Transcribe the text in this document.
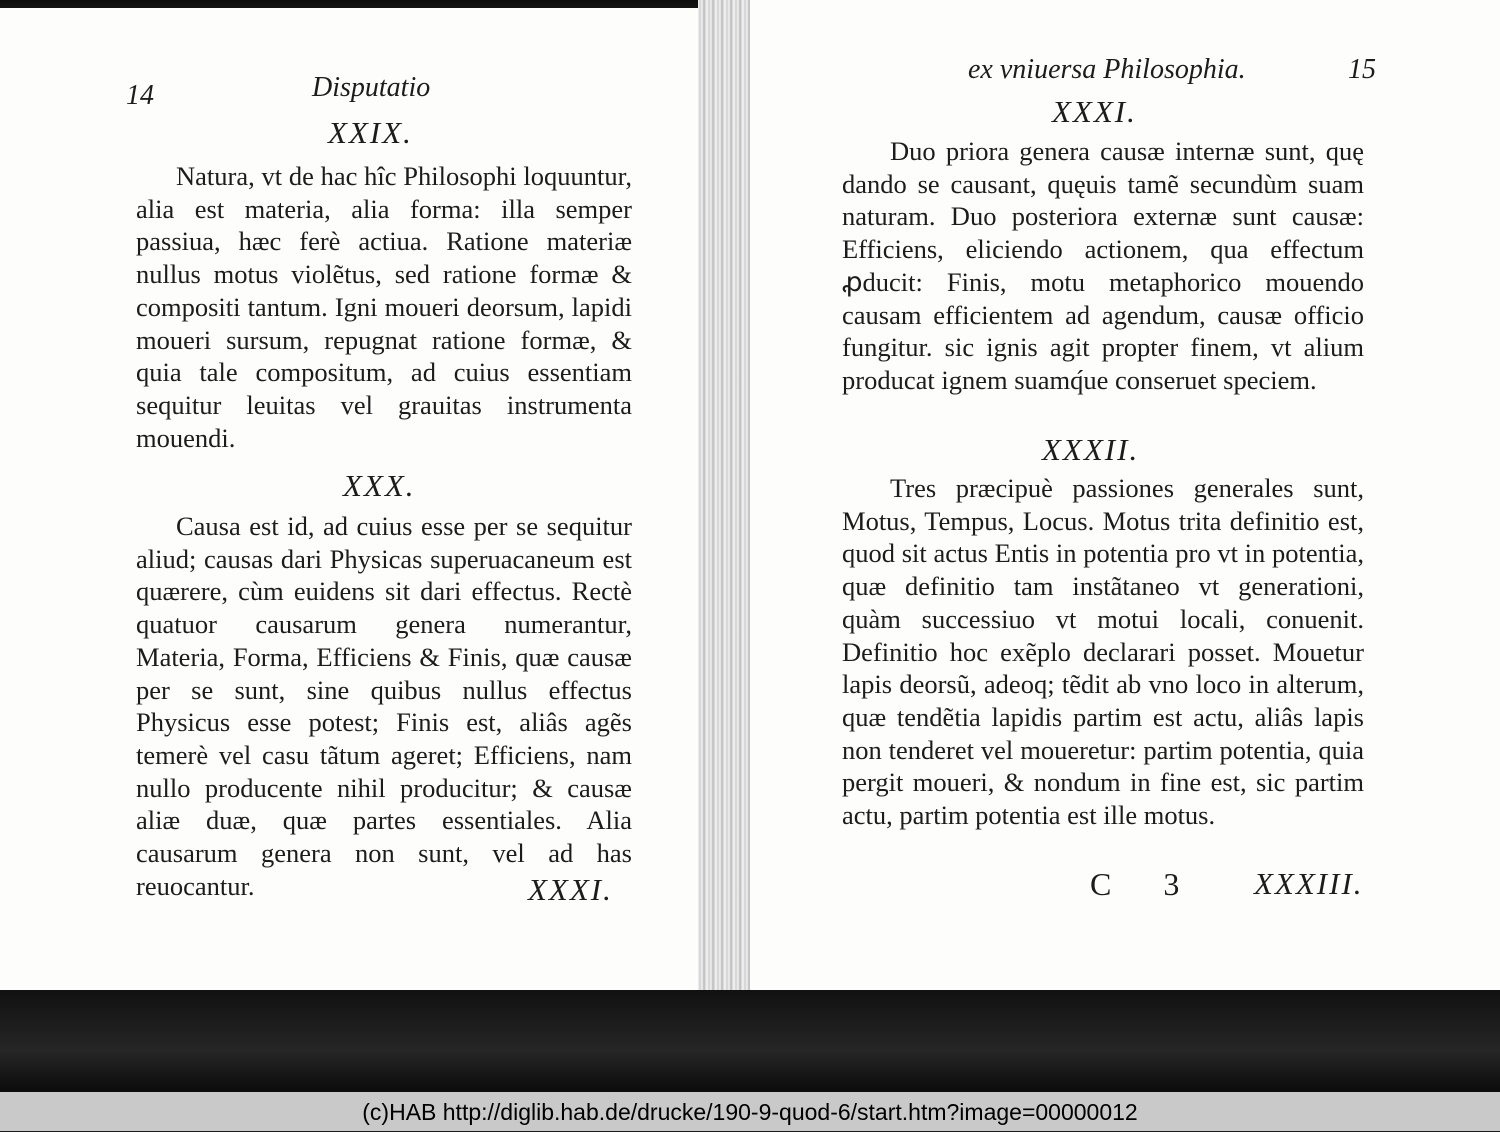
14	Disputatio
XXIX.

Natura, vt de hac hîc Philosophi loquuntur, alia est materia, alia forma: illa semper passiua, hæc ferè actiua. Ratione materiæ nullus motus violẽtus, sed ratione formæ & compositi tantum. Igni moueri deorsum, lapidi moueri sursum, repugnat ratione formæ, & quia tale compositum, ad cuius essentiam sequitur leuitas vel grauitas instrumenta mouendi.

XXX.

Causa est id, ad cuius esse per se sequitur aliud; causas dari Physicas superuacaneum est quærere, cùm euidens sit dari effectus. Rectè quatuor causarum genera numerantur, Materia, Forma, Efficiens & Finis, quæ causæ per se sunt, sine quibus nullus effectus Physicus esse potest; Finis est, aliâs agẽs temerè vel casu tãtum ageret; Efficiens, nam nullo producente nihil producitur; & causæ aliæ duæ, quæ partes essentiales. Alia causarum genera non sunt, vel ad has reuocantur.	XXXI.
ex vniuersa Philosophia.	15
XXXI.

Duo priora genera causæ internæ sunt, quę dando se causant, quęuis tamẽ secundùm suam naturam. Duo posteriora externæ sunt causæ: Efficiens, eliciendo actionem, qua effectum ꝓducit: Finis, motu metaphorico mouendo causam efficientem ad agendum, causæ officio fungitur. sic ignis agit propter finem, vt alium producat ignem suamq́ue conseruet speciem.

XXXII.

Tres præcipuè passiones generales sunt, Motus, Tempus, Locus. Motus trita definitio est, quod sit actus Entis in potentia pro vt in potentia, quæ definitio tam instãtaneo vt generationi, quàm successiuo vt motui locali, conuenit. Definitio hoc exẽplo declarari posset. Mouetur lapis deorsũ, adeoq; tẽdit ab vno loco in alterum, quæ tendẽtia lapidis partim est actu, aliâs lapis non tenderet vel moueretur: partim potentia, quia pergit moueri, & nondum in fine est, sic partim actu, partim potentia est ille motus.

C 3 XXXIII.
(c)HAB http://diglib.hab.de/drucke/190-9-quod-6/start.htm?image=00000012
